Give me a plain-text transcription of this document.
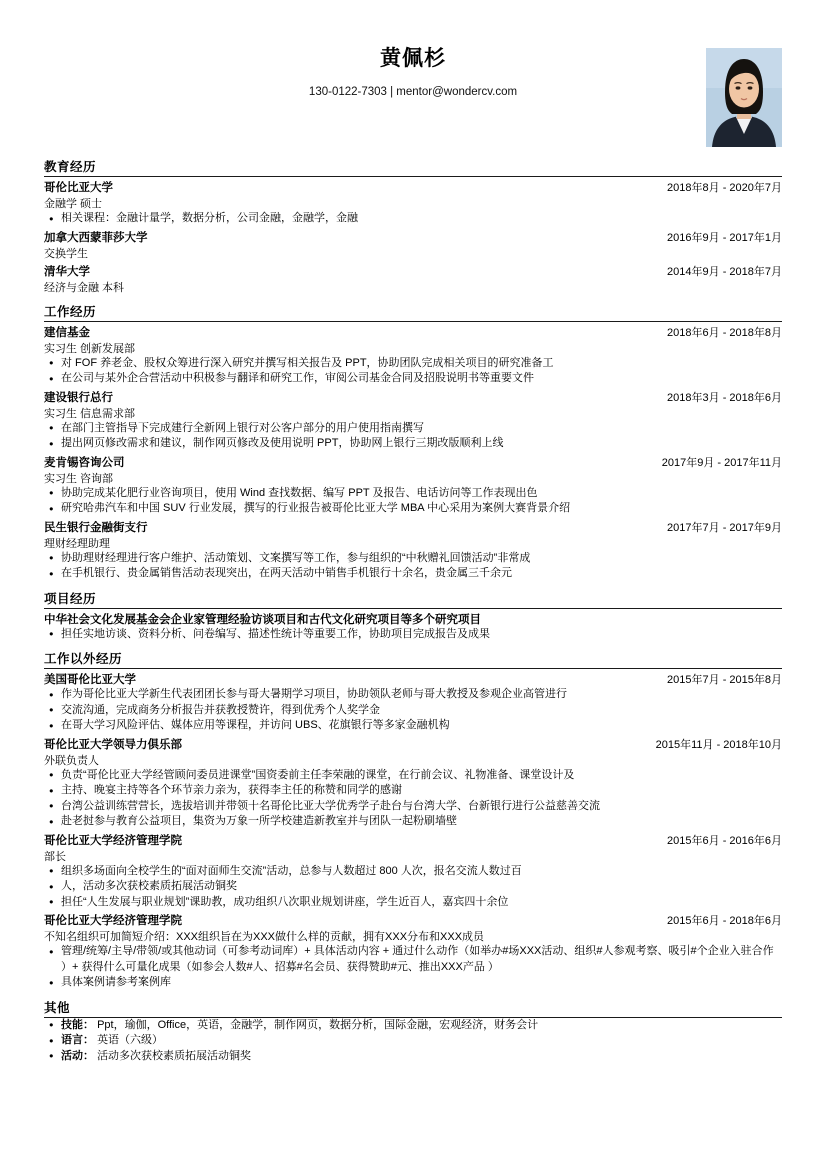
黄佩杉
130-0122-7303 | mentor@wondercv.com
教育经历
哥伦比亚大学	2018年8月 - 2020年7月
金融学 硕士
● 相关课程：金融计量学，数据分析，公司金融，金融学，金融
加拿大西蒙菲莎大学	2016年9月 - 2017年1月
交换学生
清华大学	2014年9月 - 2018年7月
经济与金融 本科
工作经历
建信基金	2018年6月 - 2018年8月
实习生 创新发展部
● 对 FOF 养老金、股权众筹进行深入研究并撰写相关报告及 PPT，协助团队完成相关项目的研究准备工
● 在公司与某外企合营活动中积极参与翻译和研究工作，审阅公司基金合同及招股说明书等重要文件
建设银行总行	2018年3月 - 2018年6月
实习生 信息需求部
● 在部门主管指导下完成建行全新网上银行对公客户部分的用户使用指南撰写
● 提出网页修改需求和建议，制作网页修改及使用说明 PPT，协助网上银行三期改版顺利上线
麦肯锡咨询公司	2017年9月 - 2017年11月
实习生 咨询部
● 协助完成某化肥行业咨询项目，使用 Wind 查找数据、编写 PPT 及报告、电话访问等工作表现出色
● 研究哈弗汽车和中国 SUV 行业发展，撰写的行业报告被哥伦比亚大学 MBA 中心采用为案例大赛背景介绍
民生银行金融街支行	2017年7月 - 2017年9月
理财经理助理
● 协助理财经理进行客户维护、活动策划、文案撰写等工作，参与组织的“中秋赠礼回馈活动”非常成
● 在手机银行、贵金属销售活动表现突出，在两天活动中销售手机银行十余名，贵金属三千余元
项目经历
中华社会文化发展基金会企业家管理经验访谈项目和古代文化研究项目等多个研究项目
● 担任实地访谈、资料分析、问卷编写、描述性统计等重要工作，协助项目完成报告及成果
工作以外经历
美国哥伦比亚大学	2015年7月 - 2015年8月
● 作为哥伦比亚大学新生代表团团长参与哥大暑期学习项目，协助领队老师与哥大教授及参观企业高管进行
● 交流沟通，完成商务分析报告并获教授赞许，得到优秀个人奖学金
● 在哥大学习风险评估、媒体应用等课程，并访问 UBS、花旗银行等多家金融机构
哥伦比亚大学领导力俱乐部	2015年11月 - 2018年10月
外联负责人
● 负责“哥伦比亚大学经管顾问委员进课堂”国资委前主任李荣融的课堂，在行前会议、礼物准备、课堂设计及
● 主持、晚宴主持等各个环节亲力亲为，获得李主任的称赞和同学的感谢
● 台湾公益训练营营长，选拔培训并带领十名哥伦比亚大学优秀学子赴台与台湾大学、台新银行进行公益慈善交流
● 赴老挝参与教育公益项目，集资为万象一所学校建造新教室并与团队一起粉刷墙壁
哥伦比亚大学经济管理学院	2015年6月 - 2016年6月
部长
● 组织多场面向全校学生的“面对面师生交流”活动，总参与人数超过 800 人次，报名交流人数过百
● 人，活动多次获校素质拓展活动铜奖
● 担任“人生发展与职业规划”课助教，成功组织八次职业规划讲座，学生近百人，嘉宾四十余位
哥伦比亚大学经济管理学院	2015年6月 - 2018年6月
不知名组织可加简短介绍：XXX组织旨在为XXX做什么样的贡献，拥有XXX分布和XXX成员
● 管理/统筹/主导/带领/或其他动词（可参考动词库）+ 具体活动内容 + 通过什么动作（如举办#场XXX活动、组织#人参观考察、吸引#个企业入驻合作 ）+ 获得什么可量化成果（如参会人数#人、招募#名会员、获得赞助#元、推出XXX产品 ）
● 具体案例请参考案例库
其他
● 技能： Ppt，瑜伽，Office，英语，金融学，制作网页，数据分析，国际金融，宏观经济，财务会计
● 语言： 英语（六级）
● 活动： 活动多次获校素质拓展活动铜奖
